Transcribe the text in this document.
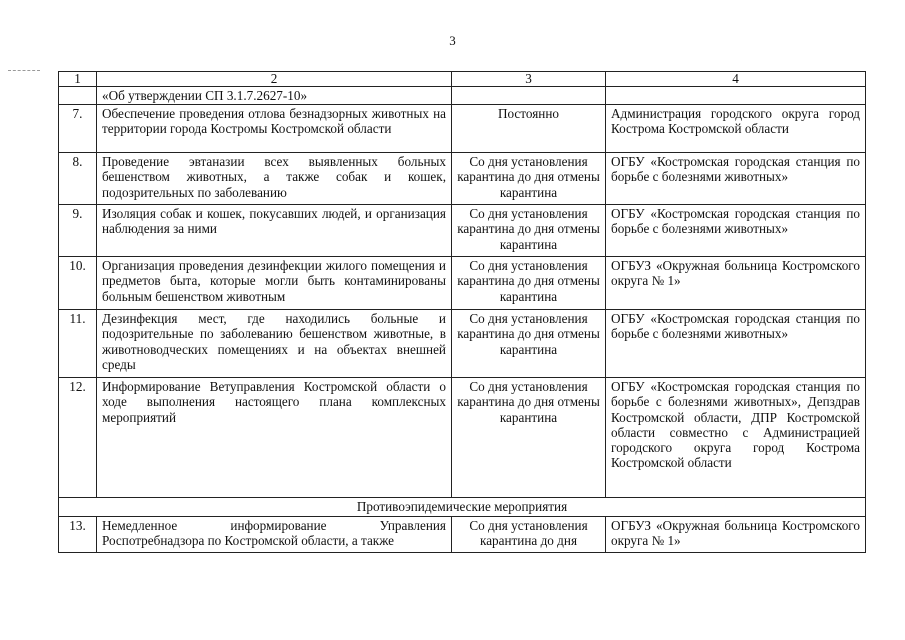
3
1	2	3	4
	«Об утверждении СП 3.1.7.2627-10»		
7.	Обеспечение проведения отлова безнадзорных животных на территории города Костромы Костромской области	Постоянно	Администрация городского округа город Кострома Костромской области
8.	Проведение эвтаназии всех выявленных больных бешенством животных, а также собак и кошек, подозрительных по заболеванию	Со дня установления карантина до дня отмены карантина	ОГБУ «Костромская городская станция по борьбе с болезнями животных»
9.	Изоляция собак и кошек, покусавших людей, и организация наблюдения за ними	Со дня установления карантина до дня отмены карантина	ОГБУ «Костромская городская станция по борьбе с болезнями животных»
10.	Организация проведения дезинфекции жилого помещения и предметов быта, которые могли быть контаминированы больным бешенством животным	Со дня установления карантина до дня отмены карантина	ОГБУЗ «Окружная больница Костромского округа № 1»
11.	Дезинфекция мест, где находились больные и подозрительные по заболеванию бешенством животные, в животноводческих помещениях и на объектах внешней среды	Со дня установления карантина до дня отмены карантина	ОГБУ «Костромская городская станция по борьбе с болезнями животных»
12.	Информирование Ветуправления Костромской области о ходе выполнения настоящего плана комплексных мероприятий	Со дня установления карантина до дня отмены карантина	ОГБУ «Костромская городская станция по борьбе с болезнями животных», Депздрав Костромской области, ДПР Костромской области совместно с Администрацией городского округа город Кострома Костромской области
Противоэпидемические мероприятия			
13.	Немедленное информирование Управления Роспотребнадзора по Костромской области, а также	Со дня установления карантина до дня	ОГБУЗ «Окружная больница Костромского округа № 1»
